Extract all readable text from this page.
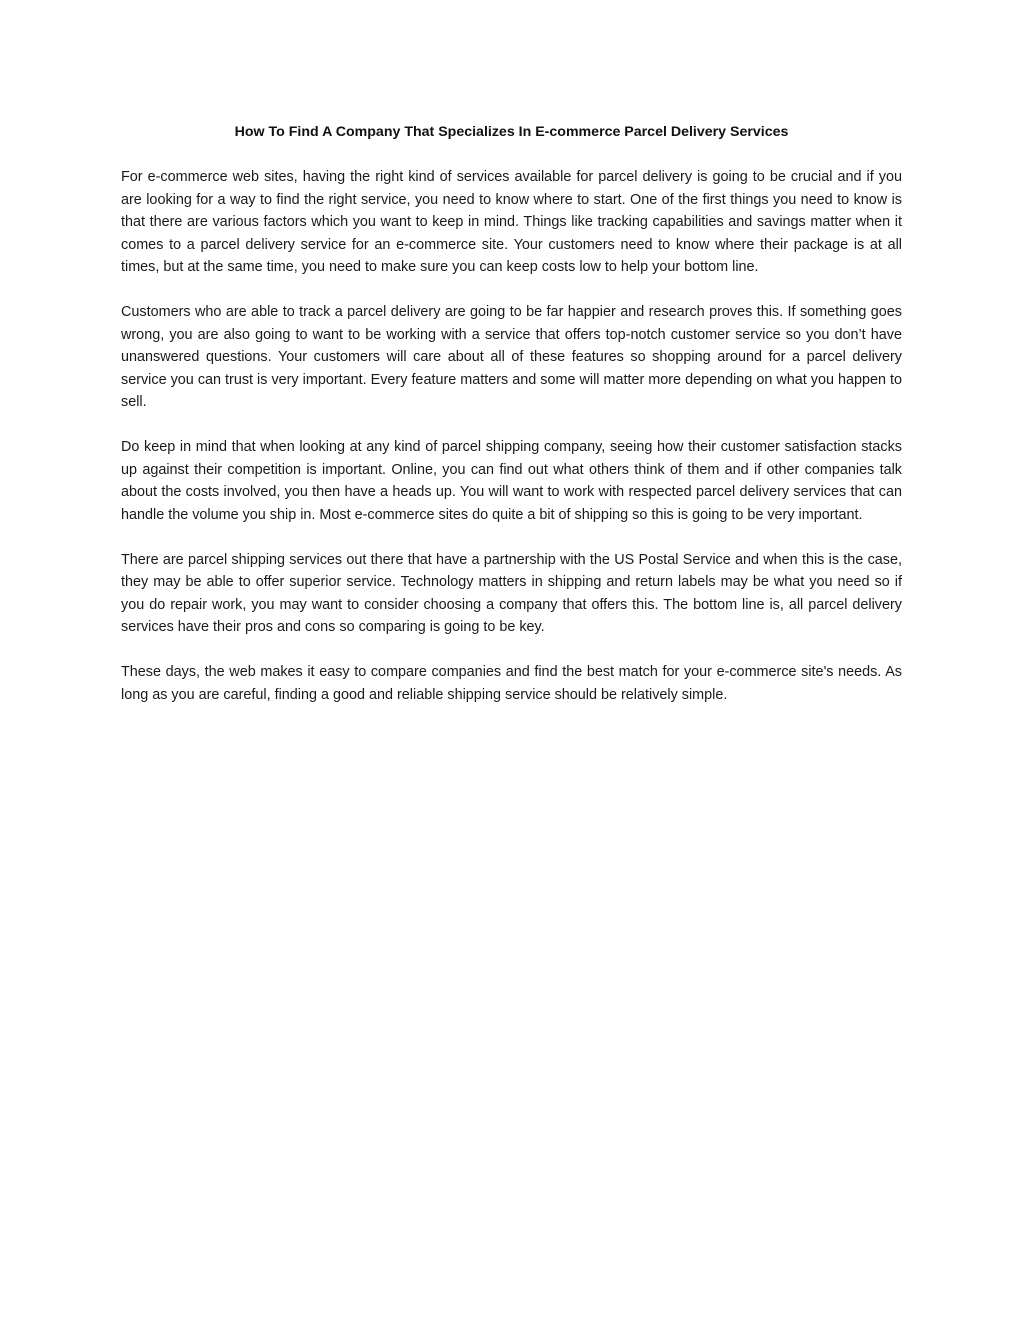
How To Find A Company That Specializes In E-commerce Parcel Delivery Services

For e-commerce web sites, having the right kind of services available for parcel delivery is going to be crucial and if you are looking for a way to find the right service, you need to know where to start. One of the first things you need to know is that there are various factors which you want to keep in mind. Things like tracking capabilities and savings matter when it comes to a parcel delivery service for an e-commerce site. Your customers need to know where their package is at all times, but at the same time, you need to make sure you can keep costs low to help your bottom line.

Customers who are able to track a parcel delivery are going to be far happier and research proves this. If something goes wrong, you are also going to want to be working with a service that offers top-notch customer service so you don’t have unanswered questions. Your customers will care about all of these features so shopping around for a parcel delivery service you can trust is very important. Every feature matters and some will matter more depending on what you happen to sell.

Do keep in mind that when looking at any kind of parcel shipping company, seeing how their customer satisfaction stacks up against their competition is important. Online, you can find out what others think of them and if other companies talk about the costs involved, you then have a heads up. You will want to work with respected parcel delivery services that can handle the volume you ship in. Most e-commerce sites do quite a bit of shipping so this is going to be very important.

There are parcel shipping services out there that have a partnership with the US Postal Service and when this is the case, they may be able to offer superior service. Technology matters in shipping and return labels may be what you need so if you do repair work, you may want to consider choosing a company that offers this. The bottom line is, all parcel delivery services have their pros and cons so comparing is going to be key.

These days, the web makes it easy to compare companies and find the best match for your e-commerce site's needs. As long as you are careful, finding a good and reliable shipping service should be relatively simple.
